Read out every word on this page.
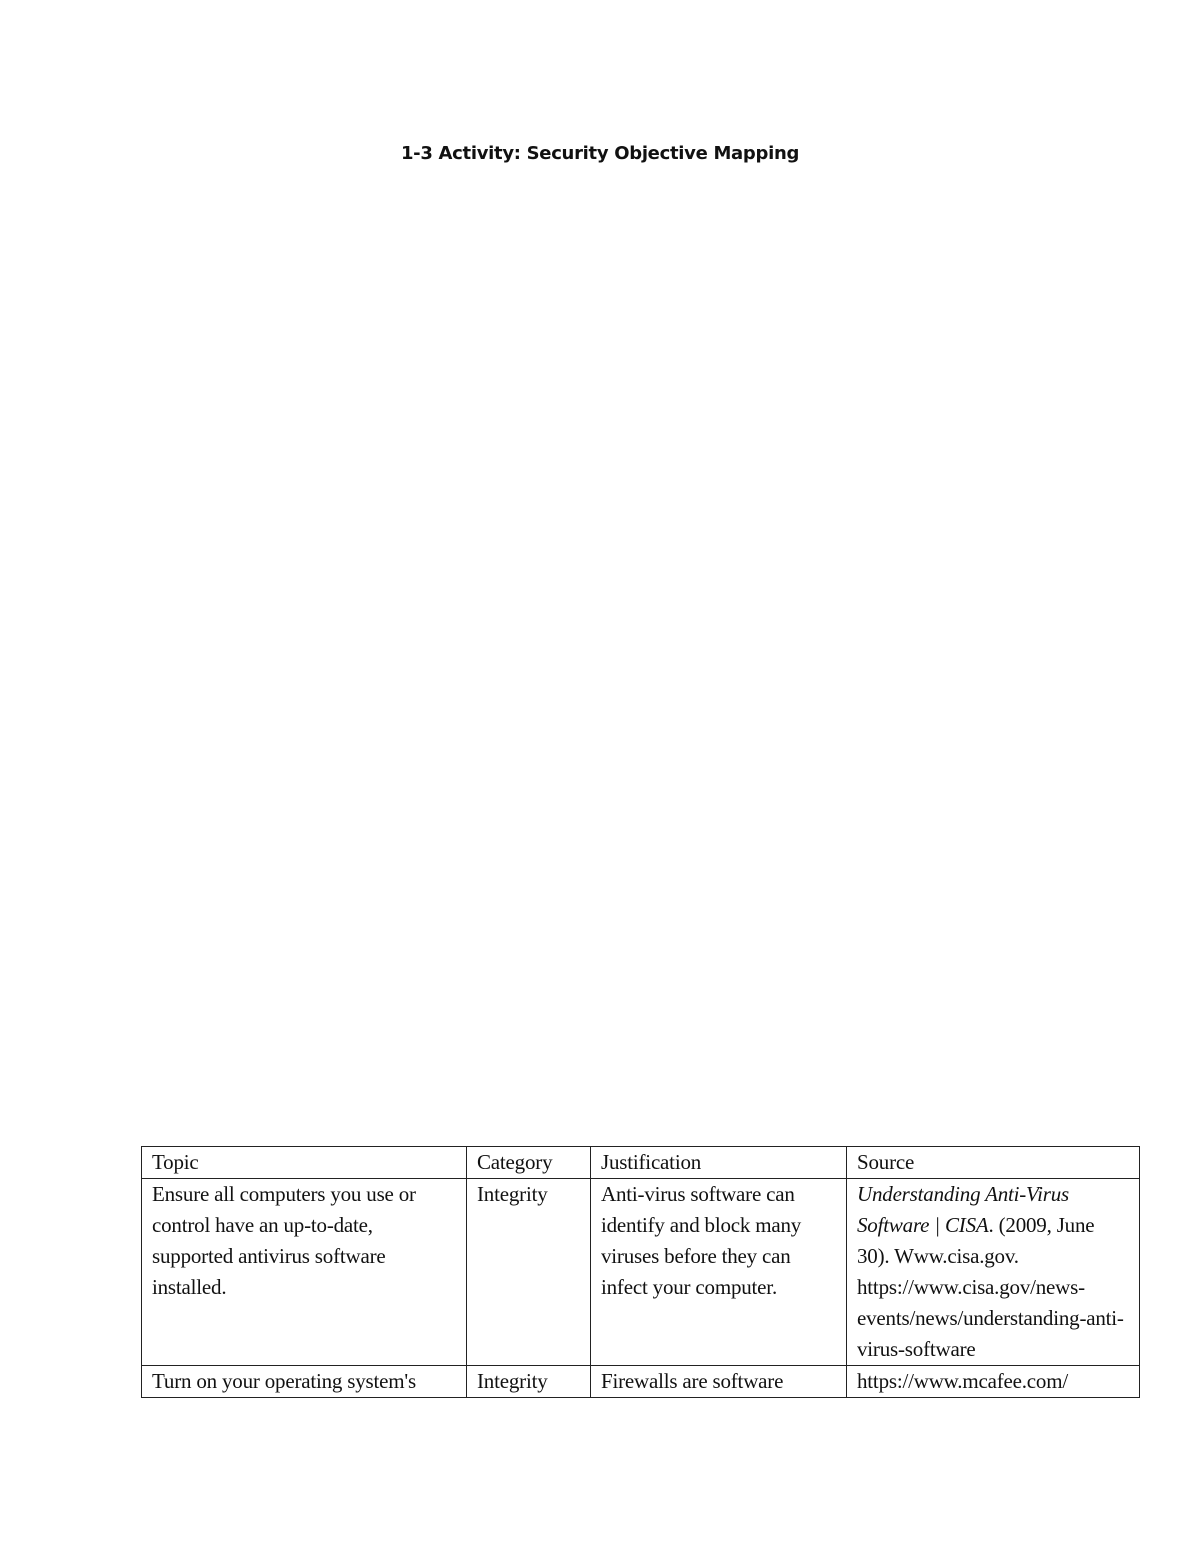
1-3 Activity: Security Objective Mapping
Topic	Category	Justification	Source
Ensure all computers you use or control have an up-to-date, supported antivirus software installed.	Integrity	Anti-virus software can identify and block many viruses before they can infect your computer.	Understanding Anti-Virus Software | CISA. (2009, June 30). Www.cisa.gov. https://www.cisa.gov/news-events/news/understanding-anti-virus-software
Turn on your operating system's	Integrity	Firewalls are software	https://www.mcafee.com/
